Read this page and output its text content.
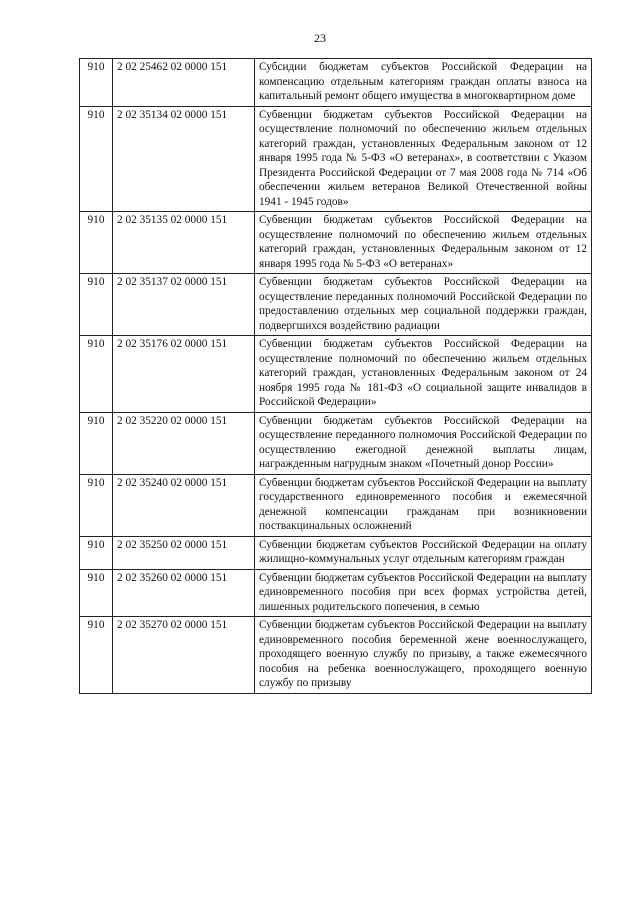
23
910	2 02 25462 02 0000 151	Субсидии бюджетам субъектов Российской Федерации на компенсацию отдельным категориям граждан оплаты взноса на капитальный ремонт общего имущества в многоквартирном доме
910	2 02 35134 02 0000 151	Субвенции бюджетам субъектов Российской Федерации на осуществление полномочий по обеспечению жильем отдельных категорий граждан, установленных Федеральным законом от 12 января 1995 года № 5-ФЗ «О ветеранах», в соответствии с Указом Президента Российской Федерации от 7 мая 2008 года № 714 «Об обеспечении жильем ветеранов Великой Отечественной войны 1941 - 1945 годов»
910	2 02 35135 02 0000 151	Субвенции бюджетам субъектов Российской Федерации на осуществление полномочий по обеспечению жильем отдельных категорий граждан, установленных Федеральным законом от 12 января 1995 года № 5-ФЗ «О ветеранах»
910	2 02 35137 02 0000 151	Субвенции бюджетам субъектов Российской Федерации на осуществление переданных полномочий Российской Федерации по предоставлению отдельных мер социальной поддержки граждан, подвергшихся воздействию радиации
910	2 02 35176 02 0000 151	Субвенции бюджетам субъектов Российской Федерации на осуществление полномочий по обеспечению жильем отдельных категорий граждан, установленных Федеральным законом от 24 ноября 1995 года № 181-ФЗ «О социальной защите инвалидов в Российской Федерации»
910	2 02 35220 02 0000 151	Субвенции бюджетам субъектов Российской Федерации на осуществление переданного полномочия Российской Федерации по осуществлению ежегодной денежной выплаты лицам, награжденным нагрудным знаком «Почетный донор России»
910	2 02 35240 02 0000 151	Субвенции бюджетам субъектов Российской Федерации на выплату государственного единовременного пособия и ежемесячной денежной компенсации гражданам при возникновении поствакцинальных осложнений
910	2 02 35250 02 0000 151	Субвенции бюджетам субъектов Российской Федерации на оплату жилищно-коммунальных услуг отдельным категориям граждан
910	2 02 35260 02 0000 151	Субвенции бюджетам субъектов Российской Федерации на выплату единовременного пособия при всех формах устройства детей, лишенных родительского попечения, в семью
910	2 02 35270 02 0000 151	Субвенции бюджетам субъектов Российской Федерации на выплату единовременного пособия беременной жене военнослужащего, проходящего военную службу по призыву, а также ежемесячного пособия на ребенка военнослужащего, проходящего военную службу по призыву
